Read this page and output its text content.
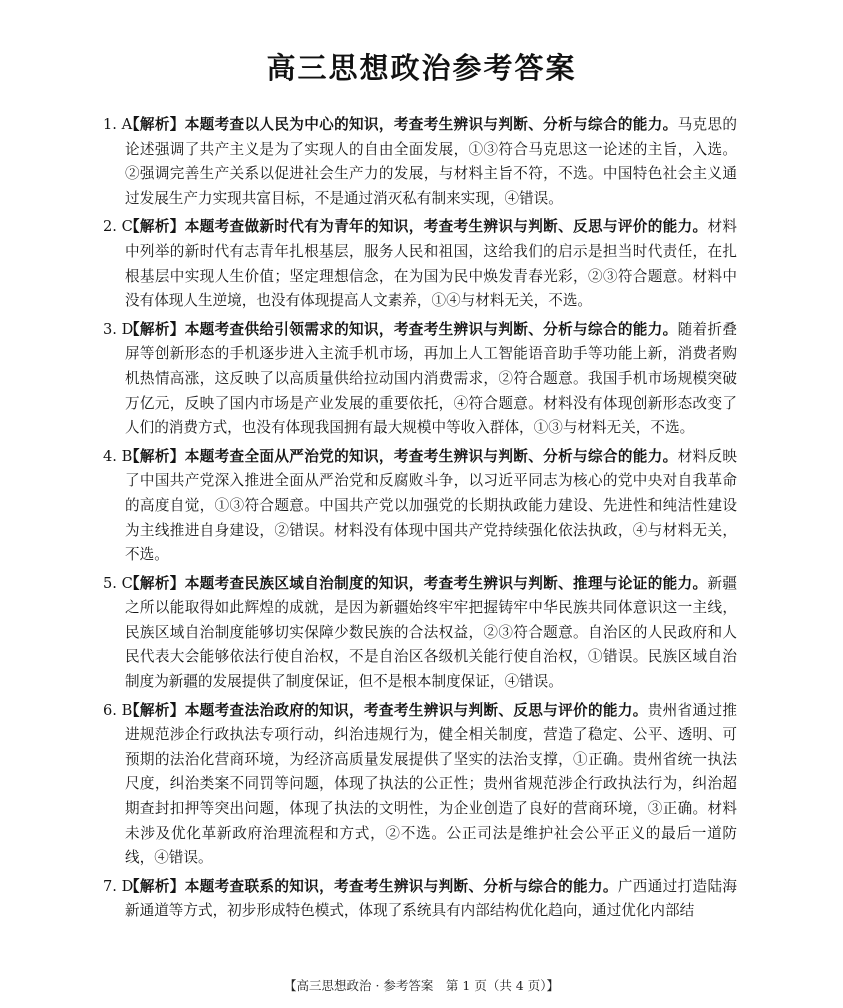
高三思想政治参考答案
1. A
【解析】本题考查以人民为中心的知识，考查考生辨识与判断、分析与综合的能力。马克思的论述强调了共产主义是为了实现人的自由全面发展，①③符合马克思这一论述的主旨，入选。②强调完善生产关系以促进社会生产力的发展，与材料主旨不符，不选。中国特色社会主义通过发展生产力实现共富目标，不是通过消灭私有制来实现，④错误。
2. C
【解析】本题考查做新时代有为青年的知识，考查考生辨识与判断、反思与评价的能力。材料中列举的新时代有志青年扎根基层，服务人民和祖国，这给我们的启示是担当时代责任，在扎根基层中实现人生价值；坚定理想信念，在为国为民中焕发青春光彩，②③符合题意。材料中没有体现人生逆境，也没有体现提高人文素养，①④与材料无关，不选。
3. D
【解析】本题考查供给引领需求的知识，考查考生辨识与判断、分析与综合的能力。随着折叠屏等创新形态的手机逐步进入主流手机市场，再加上人工智能语音助手等功能上新，消费者购机热情高涨，这反映了以高质量供给拉动国内消费需求，②符合题意。我国手机市场规模突破万亿元，反映了国内市场是产业发展的重要依托，④符合题意。材料没有体现创新形态改变了人们的消费方式，也没有体现我国拥有最大规模中等收入群体，①③与材料无关，不选。
4. B
【解析】本题考查全面从严治党的知识，考查考生辨识与判断、分析与综合的能力。材料反映了中国共产党深入推进全面从严治党和反腐败斗争，以习近平同志为核心的党中央对自我革命的高度自觉，①③符合题意。中国共产党以加强党的长期执政能力建设、先进性和纯洁性建设为主线推进自身建设，②错误。材料没有体现中国共产党持续强化依法执政，④与材料无关，不选。
5. C
【解析】本题考查民族区域自治制度的知识，考查考生辨识与判断、推理与论证的能力。新疆之所以能取得如此辉煌的成就，是因为新疆始终牢牢把握铸牢中华民族共同体意识这一主线，民族区域自治制度能够切实保障少数民族的合法权益，②③符合题意。自治区的人民政府和人民代表大会能够依法行使自治权，不是自治区各级机关能行使自治权，①错误。民族区域自治制度为新疆的发展提供了制度保证，但不是根本制度保证，④错误。
6. B
【解析】本题考查法治政府的知识，考查考生辨识与判断、反思与评价的能力。贵州省通过推进规范涉企行政执法专项行动，纠治违规行为，健全相关制度，营造了稳定、公平、透明、可预期的法治化营商环境，为经济高质量发展提供了坚实的法治支撑，①正确。贵州省统一执法尺度，纠治类案不同罚等问题，体现了执法的公正性；贵州省规范涉企行政执法行为，纠治超期查封扣押等突出问题，体现了执法的文明性，为企业创造了良好的营商环境，③正确。材料未涉及优化革新政府治理流程和方式，②不选。公正司法是维护社会公平正义的最后一道防线，④错误。
7. D
【解析】本题考查联系的知识，考查考生辨识与判断、分析与综合的能力。广西通过打造陆海新通道等方式，初步形成特色模式，体现了系统具有内部结构优化趋向，通过优化内部结
【高三思想政治 · 参考答案　第 1 页（共 4 页）】
